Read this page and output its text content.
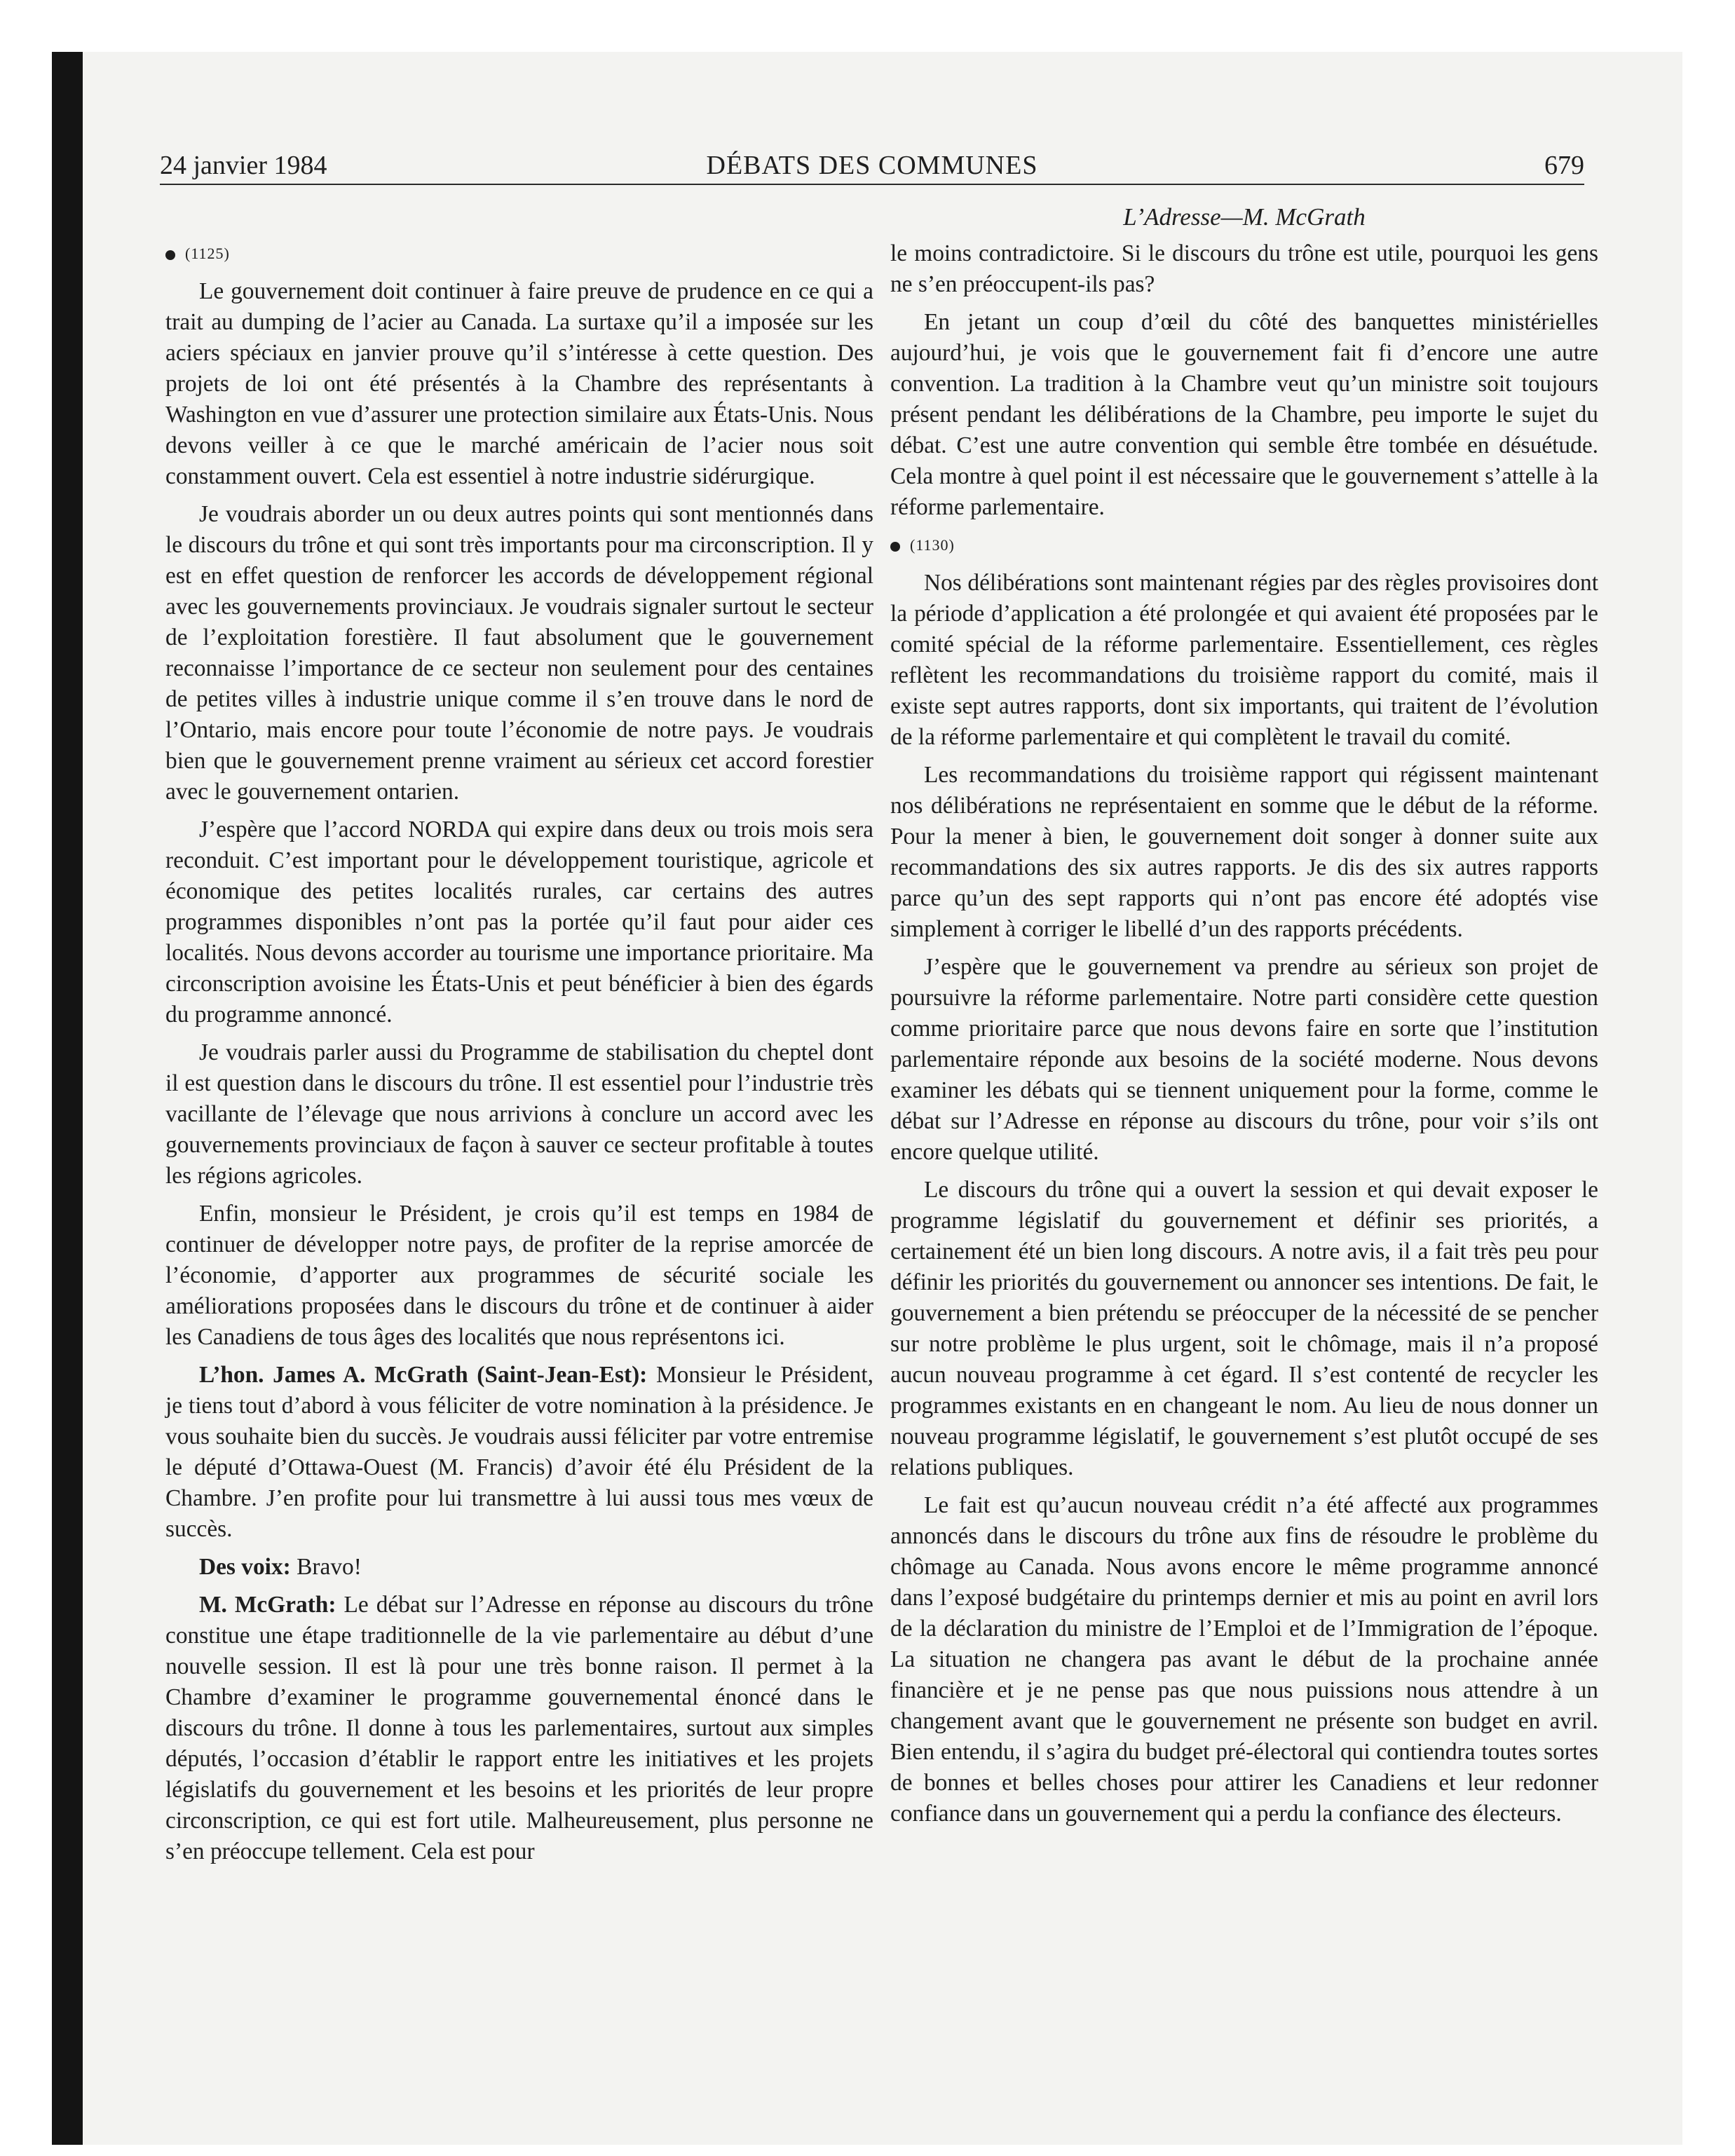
24 janvier 1984	DÉBATS DES COMMUNES	679
L’Adresse—M. McGrath

(1125)

Le gouvernement doit continuer à faire preuve de prudence en ce qui a trait au dumping de l’acier au Canada. La surtaxe qu’il a imposée sur les aciers spéciaux en janvier prouve qu’il s’intéresse à cette question. Des projets de loi ont été présentés à la Chambre des représentants à Washington en vue d’assurer une protection similaire aux États-Unis. Nous devons veiller à ce que le marché américain de l’acier nous soit constamment ouvert. Cela est essentiel à notre industrie sidérurgique.

Je voudrais aborder un ou deux autres points qui sont mentionnés dans le discours du trône et qui sont très importants pour ma circonscription. Il y est en effet question de renforcer les accords de développement régional avec les gouvernements provinciaux. Je voudrais signaler surtout le secteur de l’exploitation forestière. Il faut absolument que le gouvernement reconnaisse l’importance de ce secteur non seulement pour des centaines de petites villes à industrie unique comme il s’en trouve dans le nord de l’Ontario, mais encore pour toute l’économie de notre pays. Je voudrais bien que le gouvernement prenne vraiment au sérieux cet accord forestier avec le gouvernement ontarien.

J’espère que l’accord NORDA qui expire dans deux ou trois mois sera reconduit. C’est important pour le développement touristique, agricole et économique des petites localités rurales, car certains des autres programmes disponibles n’ont pas la portée qu’il faut pour aider ces localités. Nous devons accorder au tourisme une importance prioritaire. Ma circonscription avoisine les États-Unis et peut bénéficier à bien des égards du programme annoncé.

Je voudrais parler aussi du Programme de stabilisation du cheptel dont il est question dans le discours du trône. Il est essentiel pour l’industrie très vacillante de l’élevage que nous arrivions à conclure un accord avec les gouvernements provinciaux de façon à sauver ce secteur profitable à toutes les régions agricoles.

Enfin, monsieur le Président, je crois qu’il est temps en 1984 de continuer de développer notre pays, de profiter de la reprise amorcée de l’économie, d’apporter aux programmes de sécurité sociale les améliorations proposées dans le discours du trône et de continuer à aider les Canadiens de tous âges des localités que nous représentons ici.

L’hon. James A. McGrath (Saint-Jean-Est): Monsieur le Président, je tiens tout d’abord à vous féliciter de votre nomination à la présidence. Je vous souhaite bien du succès. Je voudrais aussi féliciter par votre entremise le député d’Ottawa-Ouest (M. Francis) d’avoir été élu Président de la Chambre. J’en profite pour lui transmettre à lui aussi tous mes vœux de succès.

Des voix: Bravo!

M. McGrath: Le débat sur l’Adresse en réponse au discours du trône constitue une étape traditionnelle de la vie parlementaire au début d’une nouvelle session. Il est là pour une très bonne raison. Il permet à la Chambre d’examiner le programme gouvernemental énoncé dans le discours du trône. Il donne à tous les parlementaires, surtout aux simples députés, l’occasion d’établir le rapport entre les initiatives et les projets législatifs du gouvernement et les besoins et les priorités de leur propre circonscription, ce qui est fort utile. Malheureusement, plus personne ne s’en préoccupe tellement. Cela est pour

le moins contradictoire. Si le discours du trône est utile, pourquoi les gens ne s’en préoccupent-ils pas?

En jetant un coup d’œil du côté des banquettes ministérielles aujourd’hui, je vois que le gouvernement fait fi d’encore une autre convention. La tradition à la Chambre veut qu’un ministre soit toujours présent pendant les délibérations de la Chambre, peu importe le sujet du débat. C’est une autre convention qui semble être tombée en désuétude. Cela montre à quel point il est nécessaire que le gouvernement s’attelle à la réforme parlementaire.

(1130)

Nos délibérations sont maintenant régies par des règles provisoires dont la période d’application a été prolongée et qui avaient été proposées par le comité spécial de la réforme parlementaire. Essentiellement, ces règles reflètent les recommandations du troisième rapport du comité, mais il existe sept autres rapports, dont six importants, qui traitent de l’évolution de la réforme parlementaire et qui complètent le travail du comité.

Les recommandations du troisième rapport qui régissent maintenant nos délibérations ne représentaient en somme que le début de la réforme. Pour la mener à bien, le gouvernement doit songer à donner suite aux recommandations des six autres rapports. Je dis des six autres rapports parce qu’un des sept rapports qui n’ont pas encore été adoptés vise simplement à corriger le libellé d’un des rapports précédents.

J’espère que le gouvernement va prendre au sérieux son projet de poursuivre la réforme parlementaire. Notre parti considère cette question comme prioritaire parce que nous devons faire en sorte que l’institution parlementaire réponde aux besoins de la société moderne. Nous devons examiner les débats qui se tiennent uniquement pour la forme, comme le débat sur l’Adresse en réponse au discours du trône, pour voir s’ils ont encore quelque utilité.

Le discours du trône qui a ouvert la session et qui devait exposer le programme législatif du gouvernement et définir ses priorités, a certainement été un bien long discours. A notre avis, il a fait très peu pour définir les priorités du gouvernement ou annoncer ses intentions. De fait, le gouvernement a bien prétendu se préoccuper de la nécessité de se pencher sur notre problème le plus urgent, soit le chômage, mais il n’a proposé aucun nouveau programme à cet égard. Il s’est contenté de recycler les programmes existants en en changeant le nom. Au lieu de nous donner un nouveau programme législatif, le gouvernement s’est plutôt occupé de ses relations publiques.

Le fait est qu’aucun nouveau crédit n’a été affecté aux programmes annoncés dans le discours du trône aux fins de résoudre le problème du chômage au Canada. Nous avons encore le même programme annoncé dans l’exposé budgétaire du printemps dernier et mis au point en avril lors de la déclaration du ministre de l’Emploi et de l’Immigration de l’époque. La situation ne changera pas avant le début de la prochaine année financière et je ne pense pas que nous puissions nous attendre à un changement avant que le gouvernement ne présente son budget en avril. Bien entendu, il s’agira du budget pré-électoral qui contiendra toutes sortes de bonnes et belles choses pour attirer les Canadiens et leur redonner confiance dans un gouvernement qui a perdu la confiance des électeurs.
